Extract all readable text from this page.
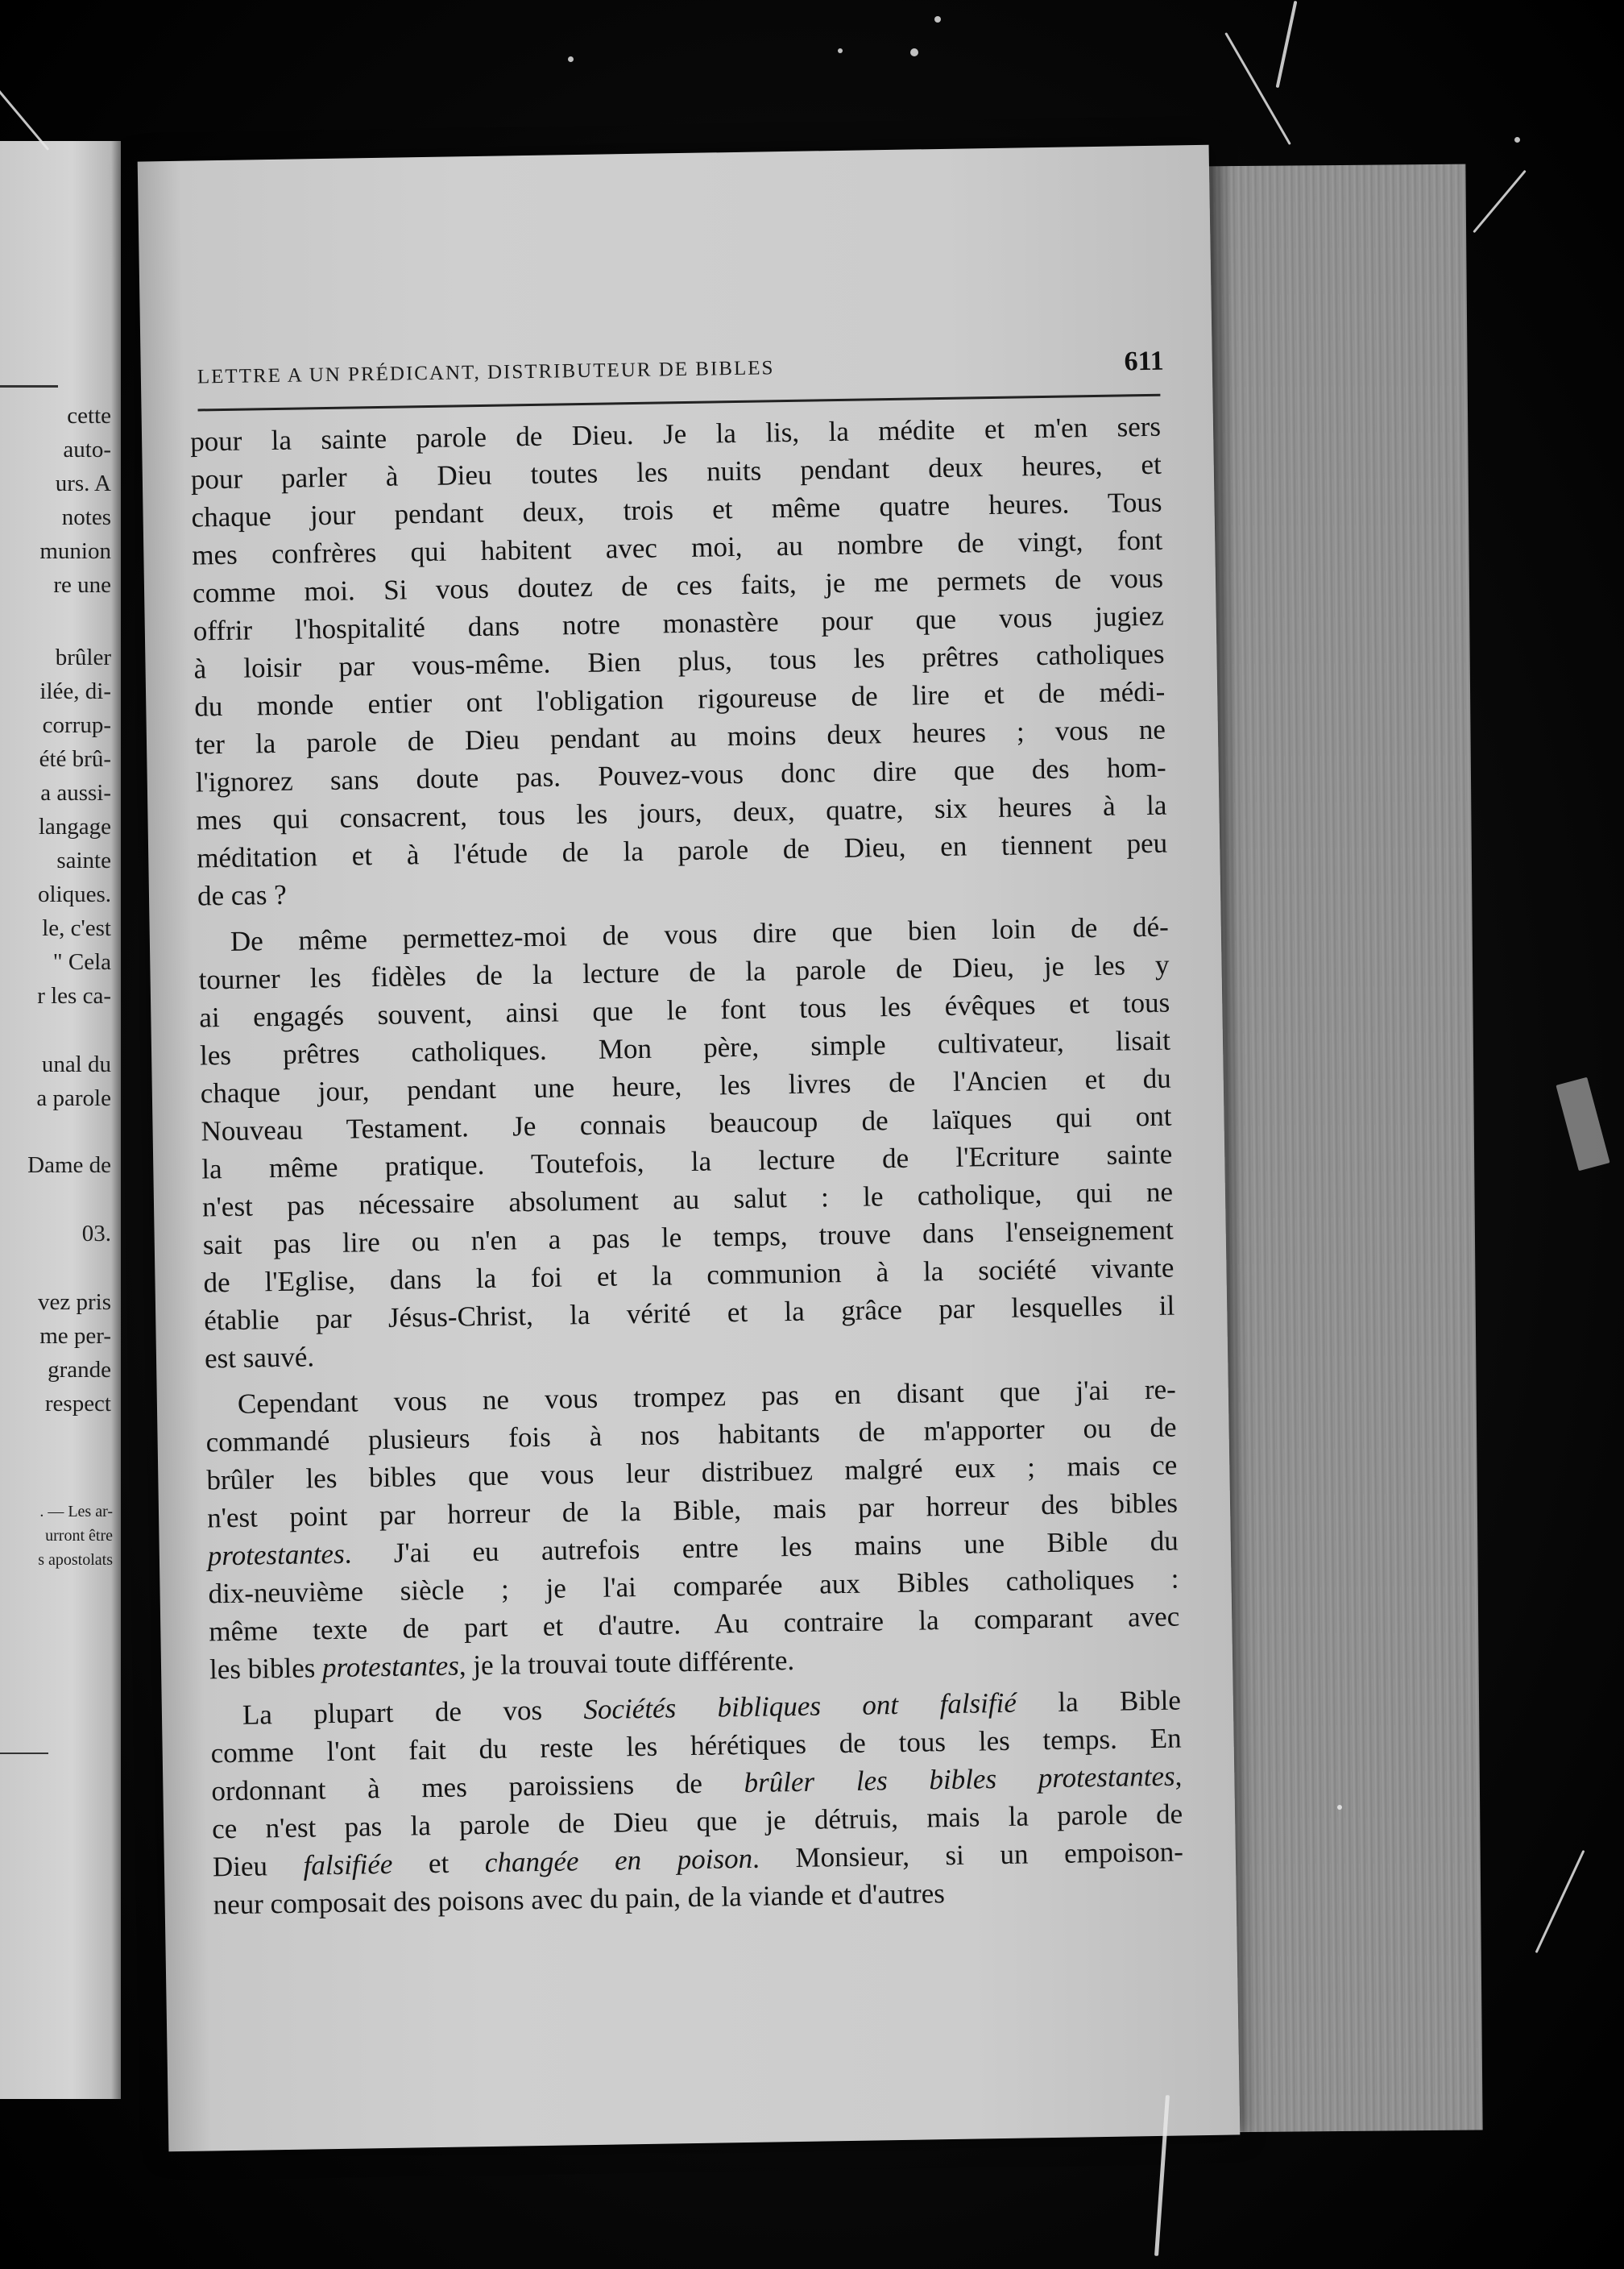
cette
auto-
urs. A
notes
munion
re une
brûler
ilée, di-
corrup-
été brû-
a aussi-
langage
sainte
oliques.
le, c'est
" Cela
r les ca-
unal du
a parole
Dame de
03.
vez pris
me per-
grande
respect
. — Les ar-
urront être
s apostolats
LETTRE A UN PRÉDICANT, DISTRIBUTEUR DE BIBLES	611
pour la sainte parole de Dieu. Je la lis, la médite et m'en sers
pour parler à Dieu toutes les nuits pendant deux heures, et
chaque jour pendant deux, trois et même quatre heures. Tous
mes confrères qui habitent avec moi, au nombre de vingt, font
comme moi. Si vous doutez de ces faits, je me permets de vous
offrir l'hospitalité dans notre monastère pour que vous jugiez
à loisir par vous-même. Bien plus, tous les prêtres catholiques
du monde entier ont l'obligation rigoureuse de lire et de médi-
ter la parole de Dieu pendant au moins deux heures ; vous ne
l'ignorez sans doute pas. Pouvez-vous donc dire que des hom-
mes qui consacrent, tous les jours, deux, quatre, six heures à la
méditation et à l'étude de la parole de Dieu, en tiennent peu
de cas ?
De même permettez-moi de vous dire que bien loin de dé-
tourner les fidèles de la lecture de la parole de Dieu, je les y
ai engagés souvent, ainsi que le font tous les évêques et tous
les prêtres catholiques. Mon père, simple cultivateur, lisait
chaque jour, pendant une heure, les livres de l'Ancien et du
Nouveau Testament. Je connais beaucoup de laïques qui ont
la même pratique. Toutefois, la lecture de l'Ecriture sainte
n'est pas nécessaire absolument au salut : le catholique, qui ne
sait pas lire ou n'en a pas le temps, trouve dans l'enseignement
de l'Eglise, dans la foi et la communion à la société vivante
établie par Jésus-Christ, la vérité et la grâce par lesquelles il
est sauvé.
Cependant vous ne vous trompez pas en disant que j'ai re-
commandé plusieurs fois à nos habitants de m'apporter ou de
brûler les bibles que vous leur distribuez malgré eux ; mais ce
n'est point par horreur de la Bible, mais par horreur des bibles
protestantes. J'ai eu autrefois entre les mains une Bible du
dix-neuvième siècle ; je l'ai comparée aux Bibles catholiques :
même texte de part et d'autre. Au contraire la comparant avec
les bibles protestantes, je la trouvai toute différente.
La plupart de vos Sociétés bibliques ont falsifié la Bible
comme l'ont fait du reste les hérétiques de tous les temps. En
ordonnant à mes paroissiens de brûler les bibles protestantes,
ce n'est pas la parole de Dieu que je détruis, mais la parole de
Dieu falsifiée et changée en poison. Monsieur, si un empoison-
neur composait des poisons avec du pain, de la viande et d'autres
